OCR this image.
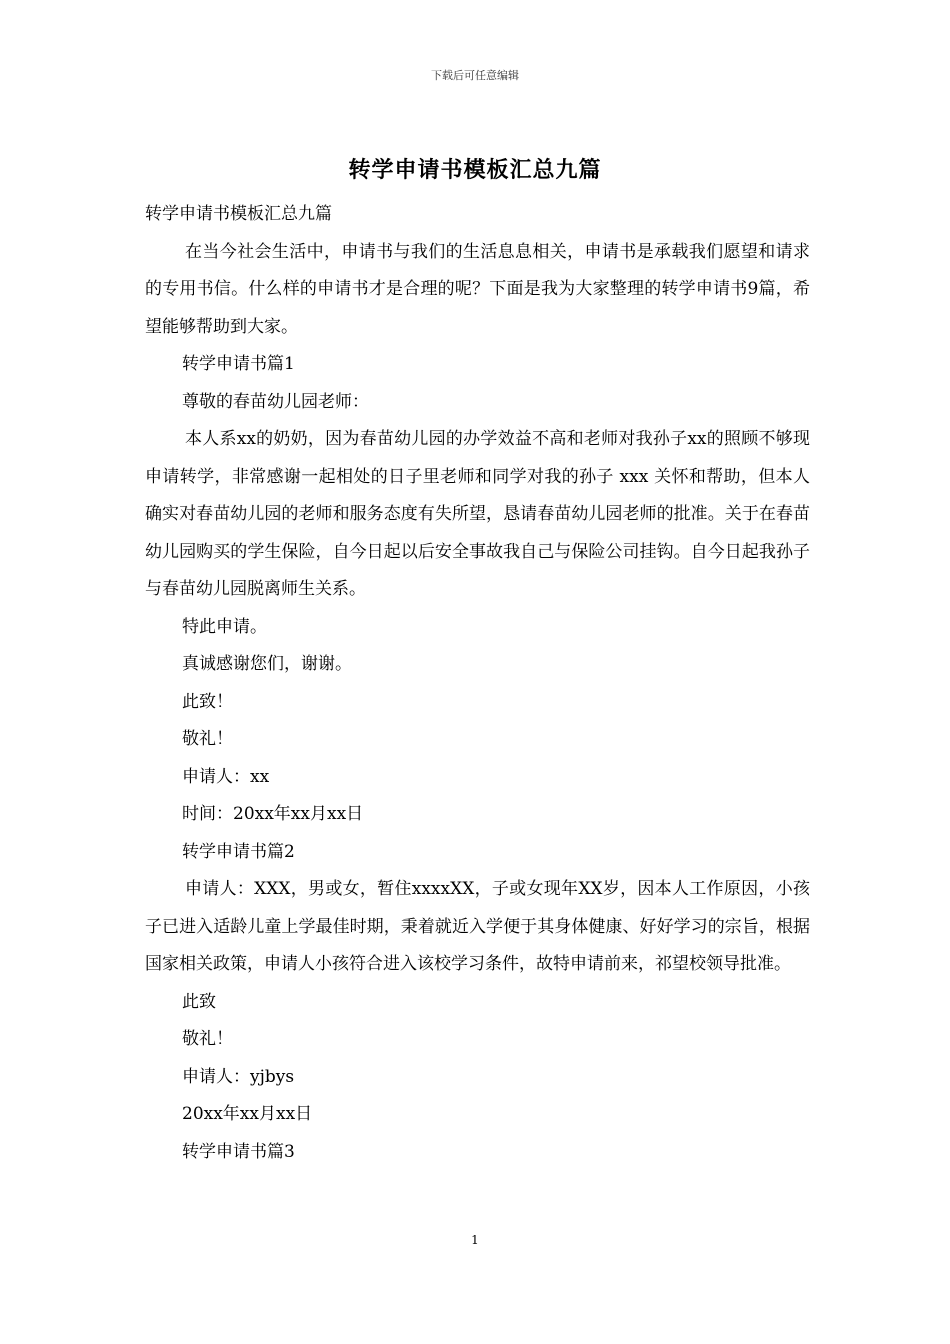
下载后可任意编辑
转学申请书模板汇总九篇

转学申请书模板汇总九篇

在当今社会生活中，申请书与我们的生活息息相关，申请书是承载我们愿望和请求的专用书信。什么样的申请书才是合理的呢？下面是我为大家整理的转学申请书9篇，希望能够帮助到大家。

转学申请书篇1

尊敬的春苗幼儿园老师：

本人系xx的奶奶，因为春苗幼儿园的办学效益不高和老师对我孙子xx的照顾不够现申请转学，非常感谢一起相处的日子里老师和同学对我的孙子 xxx 关怀和帮助，但本人确实对春苗幼儿园的老师和服务态度有失所望，恳请春苗幼儿园老师的批准。关于在春苗幼儿园购买的学生保险，自今日起以后安全事故我自己与保险公司挂钩。自今日起我孙子与春苗幼儿园脱离师生关系。

特此申请。

真诚感谢您们，谢谢。

此致！

敬礼！

申请人：xx

时间：20xx年xx月xx日

转学申请书篇2

申请人：XXX，男或女，暂住xxxxXX，子或女现年XX岁，因本人工作原因，小孩子已进入适龄儿童上学最佳时期，秉着就近入学便于其身体健康、好好学习的宗旨，根据国家相关政策，申请人小孩符合进入该校学习条件，故特申请前来，祁望校领导批准。

此致

敬礼！

申请人：yjbys

20xx年xx月xx日

转学申请书篇3

1
